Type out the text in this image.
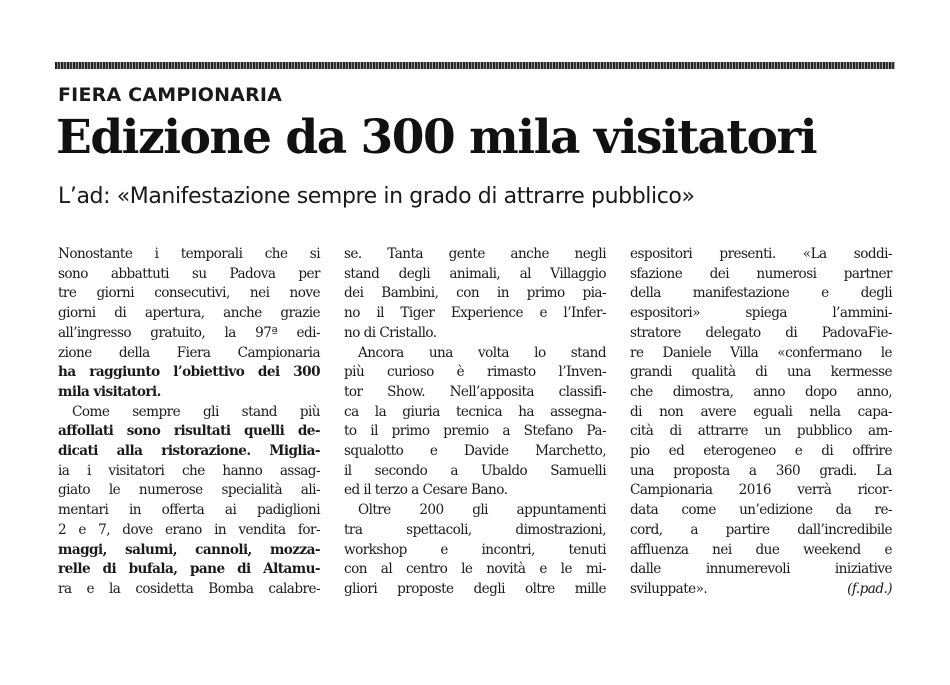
FIERA CAMPIONARIA
Edizione da 300 mila visitatori
L’ad: «Manifestazione sempre in grado di attrarre pubblico»

Nonostante i temporali che si

sono abbattuti su Padova per

tre giorni consecutivi, nei nove

giorni di apertura, anche grazie

all’ingresso gratuito, la 97ª edi-

zione della Fiera Campionaria

ha raggiunto l’obiettivo dei 300

mila visitatori.

Come sempre gli stand più

affollati sono risultati quelli de-

dicati alla ristorazione. Miglia-

ia i visitatori che hanno assag-

giato le numerose specialità ali-

mentari in offerta ai padiglioni

2 e 7, dove erano in vendita for-

maggi, salumi, cannoli, mozza-

relle di bufala, pane di Altamu-

ra e la cosidetta Bomba calabre-

se. Tanta gente anche negli

stand degli animali, al Villaggio

dei Bambini, con in primo pia-

no il Tiger Experience e l’Infer-

no di Cristallo.

Ancora una volta lo stand

più curioso è rimasto l’Inven-

tor Show. Nell’apposita classifi-

ca la giuria tecnica ha assegna-

to il primo premio a Stefano Pa-

squalotto e Davide Marchetto,

il secondo a Ubaldo Samuelli

ed il terzo a Cesare Bano.

Oltre 200 gli appuntamenti

tra spettacoli, dimostrazioni,

workshop e incontri, tenuti

con al centro le novità e le mi-

gliori proposte degli oltre mille

espositori presenti. «La soddi-

sfazione dei numerosi partner

della manifestazione e degli

espositori» spiega l’ammini-

stratore delegato di PadovaFie-

re Daniele Villa «confermano le

grandi qualità di una kermesse

che dimostra, anno dopo anno,

di non avere eguali nella capa-

cità di attrarre un pubblico am-

pio ed eterogeneo e di offrire

una proposta a 360 gradi. La

Campionaria 2016 verrà ricor-

data come un’edizione da re-

cord, a partire dall’incredibile

affluenza nei due weekend e

dalle innumerevoli iniziative

sviluppate».	(f.pad.)
